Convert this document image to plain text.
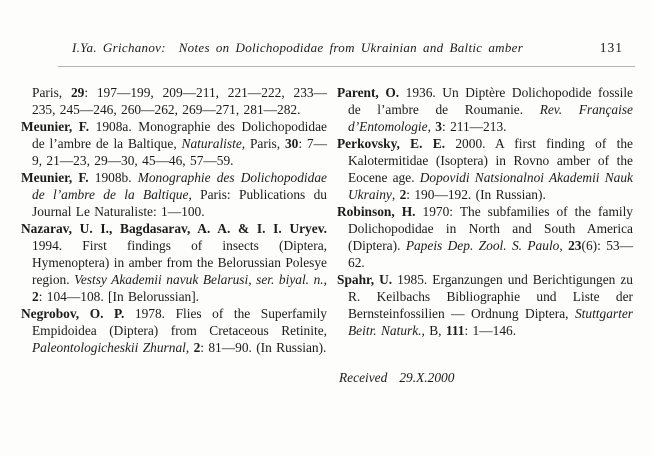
I.Ya. Grichanov:  Notes on Dolichopodidae from Ukrainian and Baltic amber	131

Paris, 29: 197—199, 209—211, 221—222, 233—235, 245—246, 260—262, 269—271, 281—282.

Meunier, F. 1908a. Monographie des Dolichopodidae de l’ambre de la Baltique, Naturaliste, Paris, 30: 7—9, 21—23, 29—30, 45—46, 57—59.

Meunier, F. 1908b. Monographie des Dolichopodidae de l’ambre de la Baltique, Paris: Publications du Journal Le Naturaliste: 1—100.

Nazarav, U. I., Bagdasarav, A. A. & I. I. Uryev. 1994. First findings of insects (Diptera, Hymenoptera) in amber from the Belorussian Polesye region. Vestsy Akademii navuk Belarusi, ser. biyal. n., 2: 104—108. [In Belorussian].

Negrobov, O. P. 1978. Flies of the Superfamily Empidoidea (Diptera) from Cretaceous Retinite, Paleontologicheskii Zhurnal, 2: 81—90. (In Russian).

Parent, O. 1936. Un Diptère Dolichopodide fossile de l’ambre de Roumanie. Rev. Française d’Entomologie, 3: 211—213.

Perkovsky, E. E. 2000. A first finding of the Kalotermitidae (Isoptera) in Rovno amber of the Eocene age. Dopovidi Natsionalnoi Akademii Nauk Ukrainy, 2: 190—192. (In Russian).

Robinson, H. 1970: The subfamilies of the family Dolichopodidae in North and South America (Diptera). Papeis Dep. Zool. S. Paulo, 23(6): 53—62.

Spahr, U. 1985. Erganzungen und Berichtigungen zu R. Keilbachs Bibliographie und Liste der Bernsteinfossilien — Ordnung Diptera, Stuttgarter Beitr. Naturk., B, 111: 1—146.

Received  29.X.2000
